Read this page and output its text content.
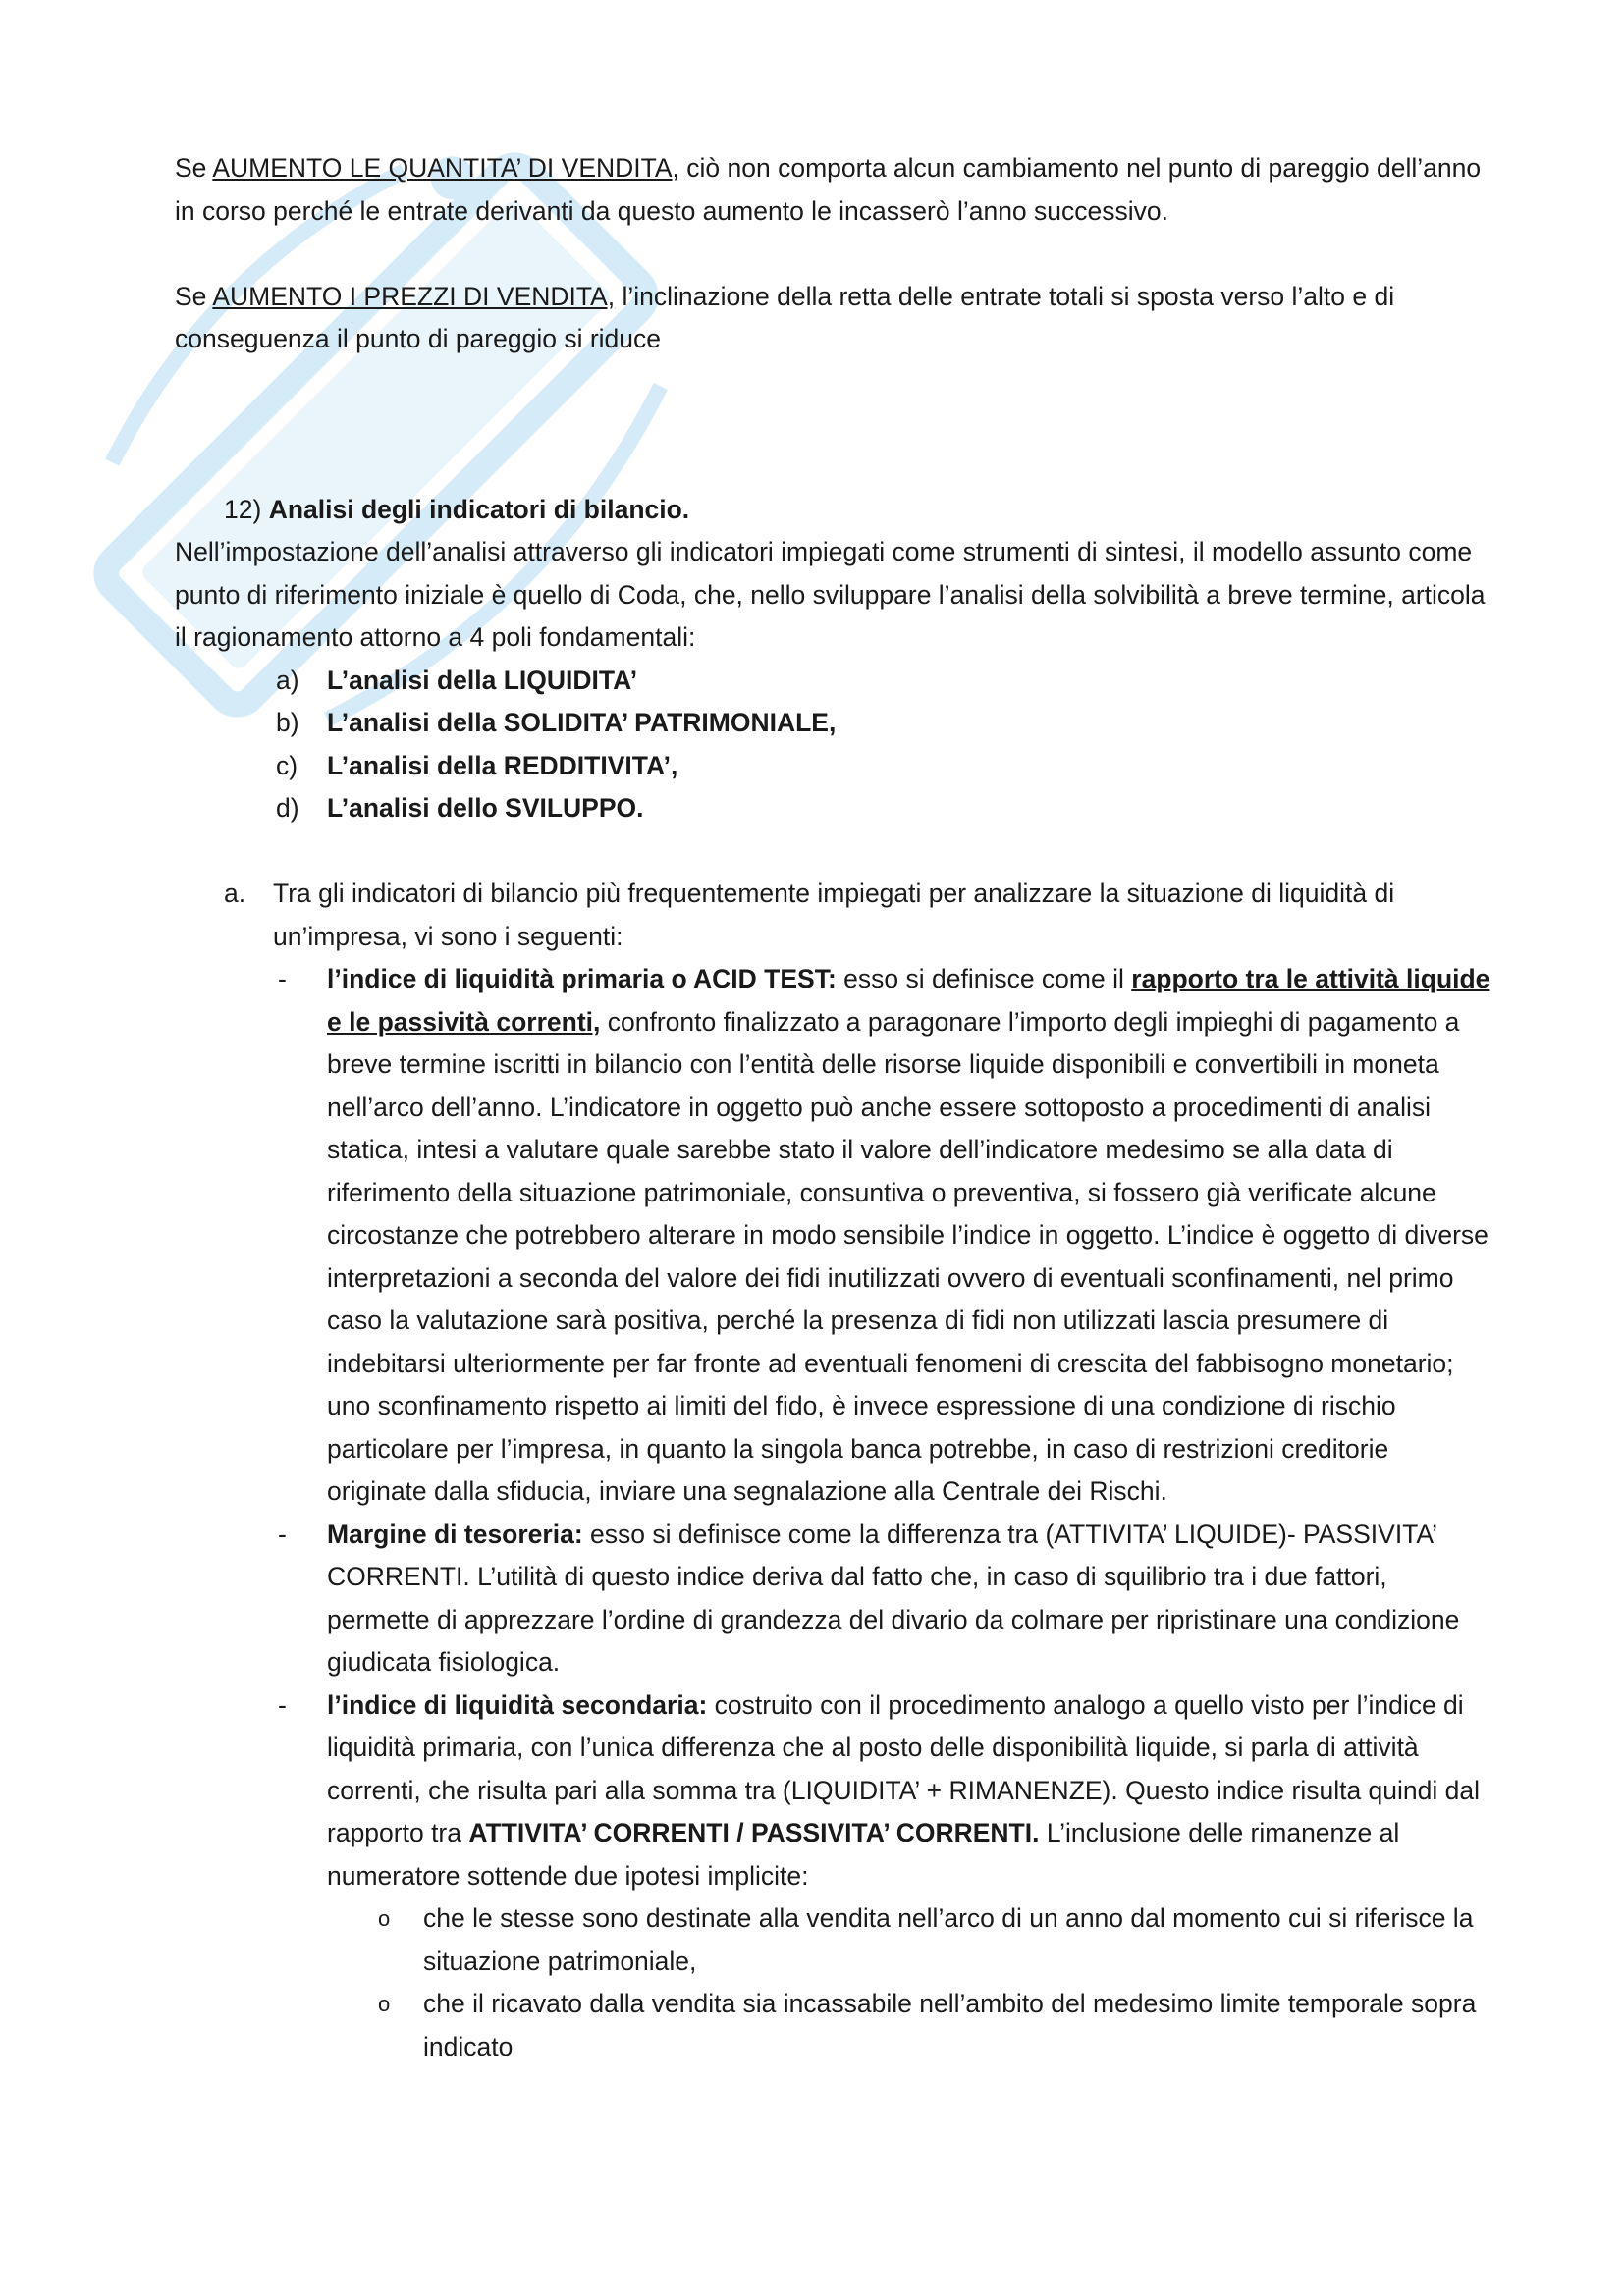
Se AUMENTO LE QUANTITA’ DI VENDITA, ciò non comporta alcun cambiamento nel punto di pareggio dell’anno in corso perché le entrate derivanti da questo aumento le incasserò l’anno successivo.

Se AUMENTO I PREZZI DI VENDITA, l’inclinazione della retta delle entrate totali si sposta verso l’alto e di conseguenza il punto di pareggio si riduce

12) Analisi degli indicatori di bilancio.

Nell’impostazione dell’analisi attraverso gli indicatori impiegati come strumenti di sintesi, il modello assunto come punto di riferimento iniziale è quello di Coda, che, nello sviluppare l’analisi della solvibilità a breve termine, articola il ragionamento attorno a 4 poli fondamentali:

a) L’analisi della LIQUIDITA’
b) L’analisi della SOLIDITA’ PATRIMONIALE,
c) L’analisi della REDDITIVITA’,
d) L’analisi dello SVILUPPO.
a. Tra gli indicatori di bilancio più frequentemente impiegati per analizzare la situazione di liquidità di un’impresa, vi sono i seguenti:

- l’indice di liquidità primaria o ACID TEST: esso si definisce come il rapporto tra le attività liquide e le passività correnti, confronto finalizzato a paragonare l’importo degli impieghi di pagamento a breve termine iscritti in bilancio con l’entità delle risorse liquide disponibili e convertibili in moneta nell’arco dell’anno. L’indicatore in oggetto può anche essere sottoposto a procedimenti di analisi statica, intesi a valutare quale sarebbe stato il valore dell’indicatore medesimo se alla data di riferimento della situazione patrimoniale, consuntiva o preventiva, si fossero già verificate alcune circostanze che potrebbero alterare in modo sensibile l’indice in oggetto. L’indice è oggetto di diverse interpretazioni a seconda del valore dei fidi inutilizzati ovvero di eventuali sconfinamenti, nel primo caso la valutazione sarà positiva, perché la presenza di fidi non utilizzati lascia presumere di indebitarsi ulteriormente per far fronte ad eventuali fenomeni di crescita del fabbisogno monetario; uno sconfinamento rispetto ai limiti del fido, è invece espressione di una condizione di rischio particolare per l’impresa, in quanto la singola banca potrebbe, in caso di restrizioni creditorie originate dalla sfiducia, inviare una segnalazione alla Centrale dei Rischi.
- Margine di tesoreria: esso si definisce come la differenza tra (ATTIVITA’ LIQUIDE)- PASSIVITA’ CORRENTI. L’utilità di questo indice deriva dal fatto che, in caso di squilibrio tra i due fattori, permette di apprezzare l’ordine di grandezza del divario da colmare per ripristinare una condizione giudicata fisiologica.
- l’indice di liquidità secondaria: costruito con il procedimento analogo a quello visto per l’indice di liquidità primaria, con l’unica differenza che al posto delle disponibilità liquide, si parla di attività correnti, che risulta pari alla somma tra (LIQUIDITA’ + RIMANENZE). Questo indice risulta quindi dal rapporto tra ATTIVITA’ CORRENTI / PASSIVITA’ CORRENTI. L’inclusione delle rimanenze al numeratore sottende due ipotesi implicite:
o che le stesse sono destinate alla vendita nell’arco di un anno dal momento cui si riferisce la situazione patrimoniale,
o che il ricavato dalla vendita sia incassabile nell’ambito del medesimo limite temporale sopra indicato
